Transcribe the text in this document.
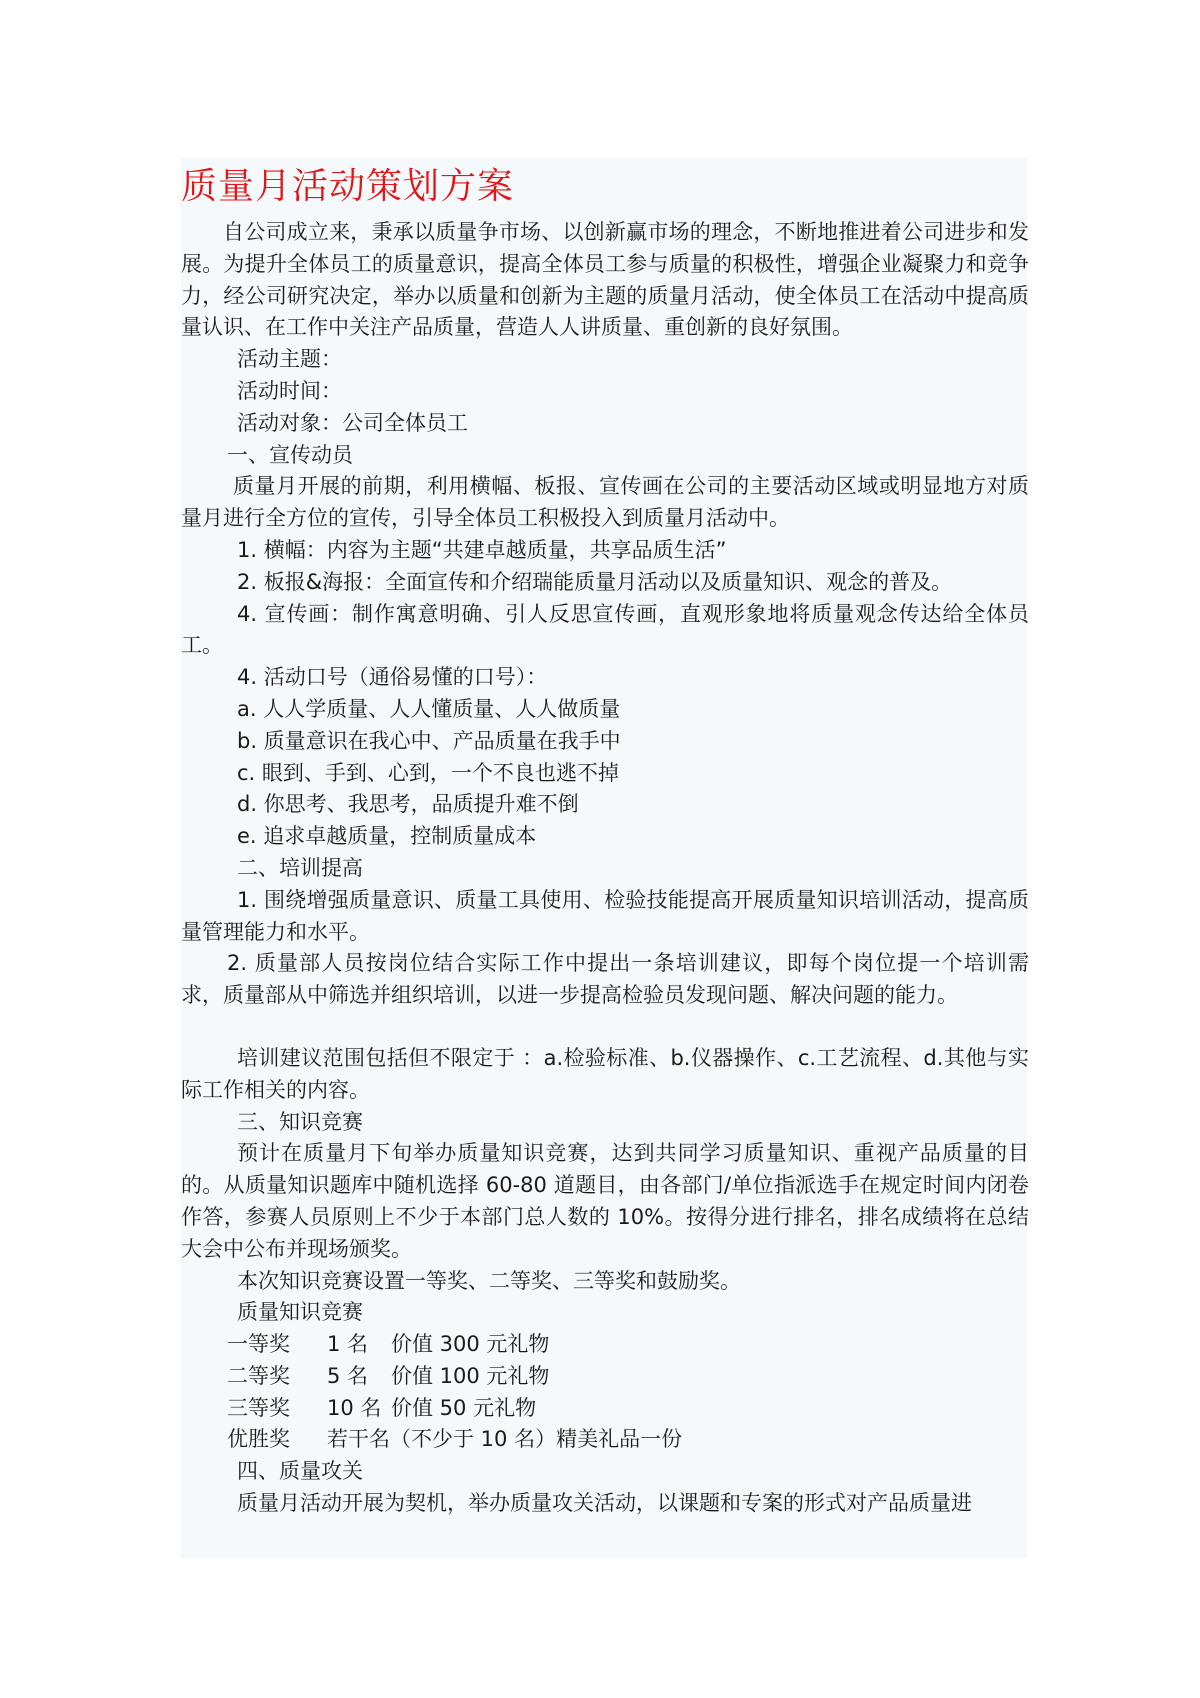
质量月活动策划方案

自公司成立来，秉承以质量争市场、以创新赢市场的理念，不断地推进着公司进步和发展。为提升全体员工的质量意识，提高全体员工参与质量的积极性，增强企业凝聚力和竞争力，经公司研究决定，举办以质量和创新为主题的质量月活动，使全体员工在活动中提高质量认识、在工作中关注产品质量，营造人人讲质量、重创新的良好氛围。

活动主题：

活动时间：

活动对象：公司全体员工

一、宣传动员

质量月开展的前期，利用横幅、板报、宣传画在公司的主要活动区域或明显地方对质量月进行全方位的宣传，引导全体员工积极投入到质量月活动中。

1. 横幅：内容为主题“共建卓越质量，共享品质生活”

2. 板报&海报：全面宣传和介绍瑞能质量月活动以及质量知识、观念的普及。

4. 宣传画：制作寓意明确、引人反思宣传画，直观形象地将质量观念传达给全体员工。

4. 活动口号（通俗易懂的口号）：

a. 人人学质量、人人懂质量、人人做质量

b. 质量意识在我心中、产品质量在我手中

c. 眼到、手到、心到，一个不良也逃不掉

d. 你思考、我思考，品质提升难不倒

e. 追求卓越质量，控制质量成本

二、培训提高

1. 围绕增强质量意识、质量工具使用、检验技能提高开展质量知识培训活动，提高质量管理能力和水平。

2. 质量部人员按岗位结合实际工作中提出一条培训建议，即每个岗位提一个培训需求，质量部从中筛选并组织培训，以进一步提高检验员发现问题、解决问题的能力。

培训建议范围包括但不限定于 ：a.检验标准、b.仪器操作、c.工艺流程、d.其他与实际工作相关的内容。

三、知识竞赛

预计在质量月下旬举办质量知识竞赛，达到共同学习质量知识、重视产品质量的目的。从质量知识题库中随机选择 60-80 道题目，由各部门/单位指派选手在规定时间内闭卷作答，参赛人员原则上不少于本部门总人数的 10%。按得分进行排名，排名成绩将在总结大会中公布并现场颁奖。

本次知识竞赛设置一等奖、二等奖、三等奖和鼓励奖。

质量知识竞赛

一等奖	1 名	价值 300 元礼物
二等奖	5 名	价值 100 元礼物
三等奖	10 名 价值 50 元礼物
优胜奖	若干名（不少于 10 名）精美礼品一份

四、质量攻关

质量月活动开展为契机，举办质量攻关活动，以课题和专案的形式对产品质量进
